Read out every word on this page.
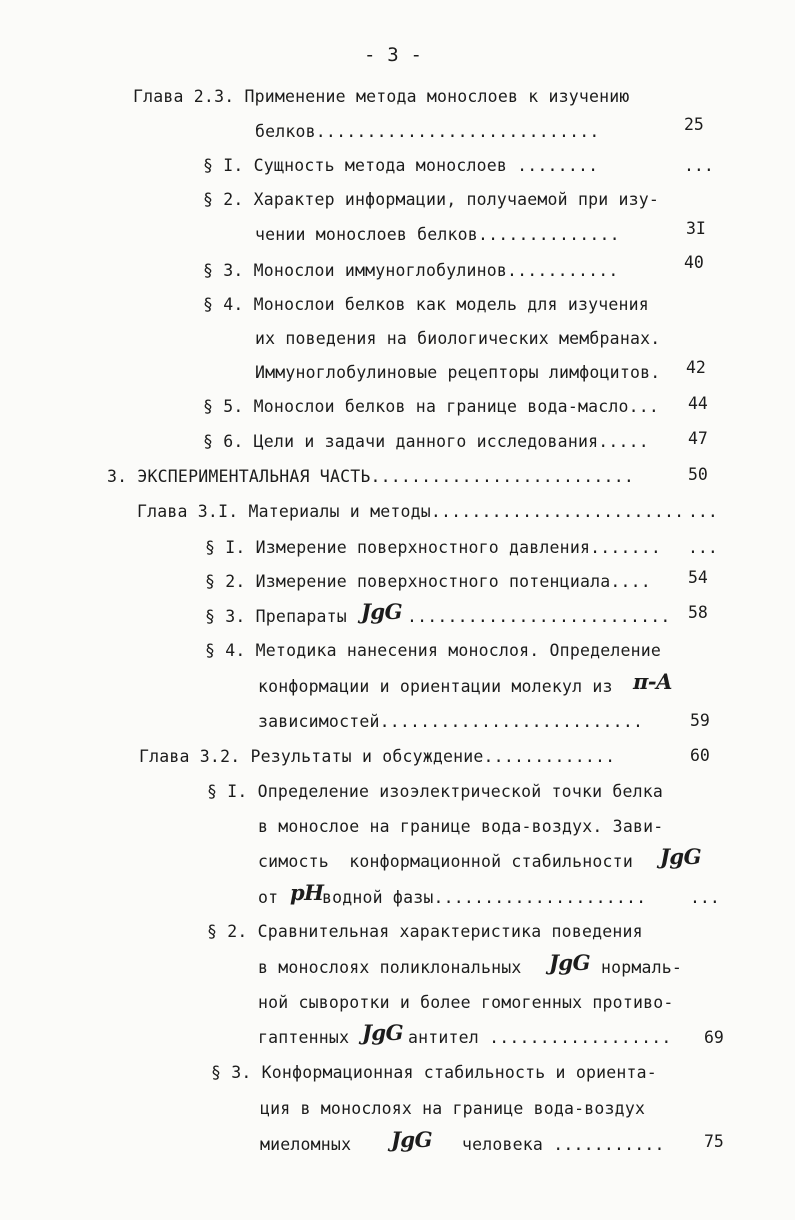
- 3 -
Глава 2.3. Применение метода монослоев к изучению
белков............................	25
§ I. Сущность метода монослоев ........	...
§ 2. Характер информации, получаемой при изу-
чении монослоев белков..............	3I
§ 3. Монослои иммуноглобулинов...........	40
§ 4. Монослои белков как модель для изучения
их поведения на биологических мембранах.
Иммуноглобулиновые рецепторы лимфоцитов. 42
§ 5. Монослои белков на границе вода-масло... 44
§ 6. Цели и задачи данного исследования..... 47
3. ЭКСПЕРИМЕНТАЛЬНАЯ ЧАСТЬ..........................	50
Глава 3.I. Материалы и методы......................... ...
§ I. Измерение поверхностного давления....... ...
§ 2. Измерение поверхностного потенциала.... 54
§ 3. Препараты JgG .......................... 58
§ 4. Методика нанесения монослоя. Определение
конформации и ориентации молекул из π-A
зависимостей..........................	59
Глава 3.2. Результаты и обсуждение.............	60
§ I. Определение изоэлектрической точки белка
в монослое на границе вода-воздух. Зави-
симость  конформационной стабильности JgG
от pH
водной фазы.....................	...
§ 2. Сравнительная характеристика поведения
в монослоях поликлональных JgG нормаль-
ной сыворотки и более гомогенных противо-
гаптенных JgG антител .................. 69
§ 3. Конформационная стабильность и ориента-
ция в монослоях на границе вода-воздух
миеломных JgG человека ........... 75
